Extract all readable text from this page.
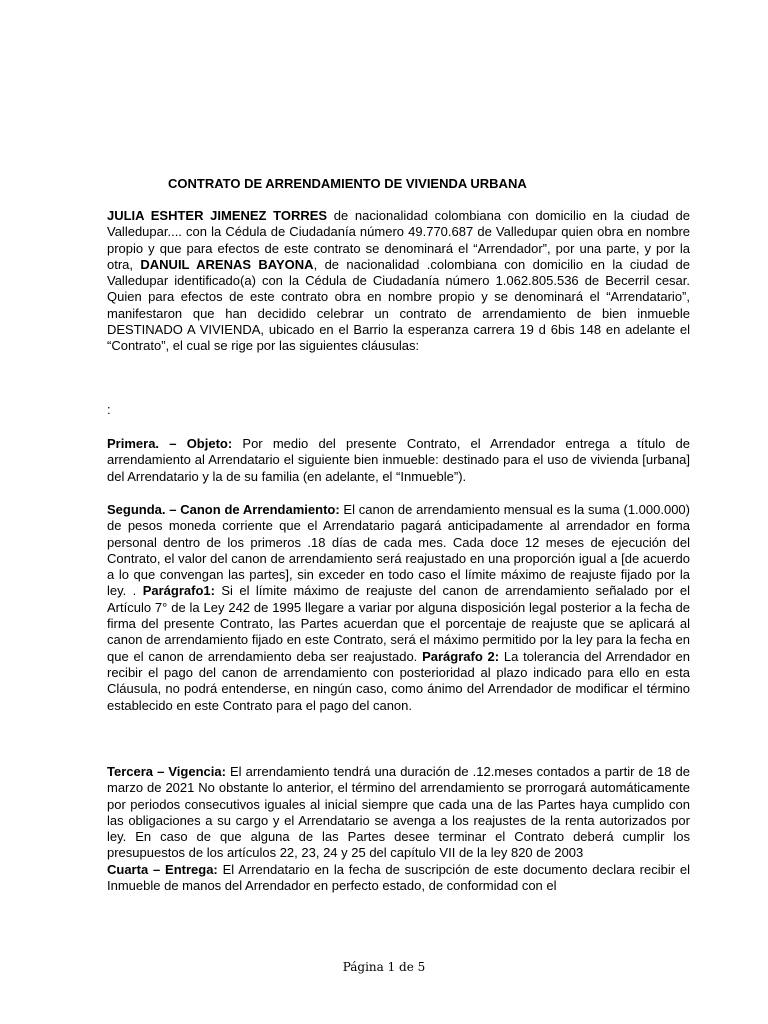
CONTRATO DE ARRENDAMIENTO DE VIVIENDA URBANA

JULIA ESHTER JIMENEZ TORRES de nacionalidad colombiana con domicilio en la ciudad de Valledupar.... con la Cédula de Ciudadanía número 49.770.687 de Valledupar quien obra en nombre propio y que para efectos de este contrato se denominará el “Arrendador”, por una parte, y por la otra, DANUIL ARENAS BAYONA, de nacionalidad .colombiana con domicilio en la ciudad de Valledupar identificado(a) con la Cédula de Ciudadanía número 1.062.805.536 de Becerril cesar. Quien para efectos de este contrato obra en nombre propio y se denominará el “Arrendatario”, manifestaron que han decidido celebrar un contrato de arrendamiento de bien inmueble DESTINADO A VIVIENDA, ubicado en el Barrio la esperanza carrera 19 d 6bis 148 en adelante el “Contrato”, el cual se rige por las siguientes cláusulas:

:

Primera. – Objeto: Por medio del presente Contrato, el Arrendador entrega a título de arrendamiento al Arrendatario el siguiente bien inmueble: destinado para el uso de vivienda [urbana] del Arrendatario y la de su familia (en adelante, el “Inmueble”).

Segunda. – Canon de Arrendamiento: El canon de arrendamiento mensual es la suma (1.000.000) de pesos moneda corriente que el Arrendatario pagará anticipadamente al arrendador en forma personal dentro de los primeros .18 días de cada mes. Cada doce 12 meses de ejecución del Contrato, el valor del canon de arrendamiento será reajustado en una proporción igual a [de acuerdo a lo que convengan las partes], sin exceder en todo caso el límite máximo de reajuste fijado por la ley. . Parágrafo1: Si el límite máximo de reajuste del canon de arrendamiento señalado por el Artículo 7° de la Ley 242 de 1995 llegare a variar por alguna disposición legal posterior a la fecha de firma del presente Contrato, las Partes acuerdan que el porcentaje de reajuste que se aplicará al canon de arrendamiento fijado en este Contrato, será el máximo permitido por la ley para la fecha en que el canon de arrendamiento deba ser reajustado. Parágrafo 2: La tolerancia del Arrendador en recibir el pago del canon de arrendamiento con posterioridad al plazo indicado para ello en esta Cláusula, no podrá entenderse, en ningún caso, como ánimo del Arrendador de modificar el término establecido en este Contrato para el pago del canon.

Tercera – Vigencia: El arrendamiento tendrá una duración de .12.meses contados a partir de 18 de marzo de 2021 No obstante lo anterior, el término del arrendamiento se prorrogará automáticamente por periodos consecutivos iguales al inicial siempre que cada una de las Partes haya cumplido con las obligaciones a su cargo y el Arrendatario se avenga a los reajustes de la renta autorizados por ley. En caso de que alguna de las Partes desee terminar el Contrato deberá cumplir los presupuestos de los artículos 22, 23, 24 y 25 del capítulo VII de la ley 820 de 2003

Cuarta – Entrega: El Arrendatario en la fecha de suscripción de este documento declara recibir el Inmueble de manos del Arrendador en perfecto estado, de conformidad con el

Página 1 de 5
